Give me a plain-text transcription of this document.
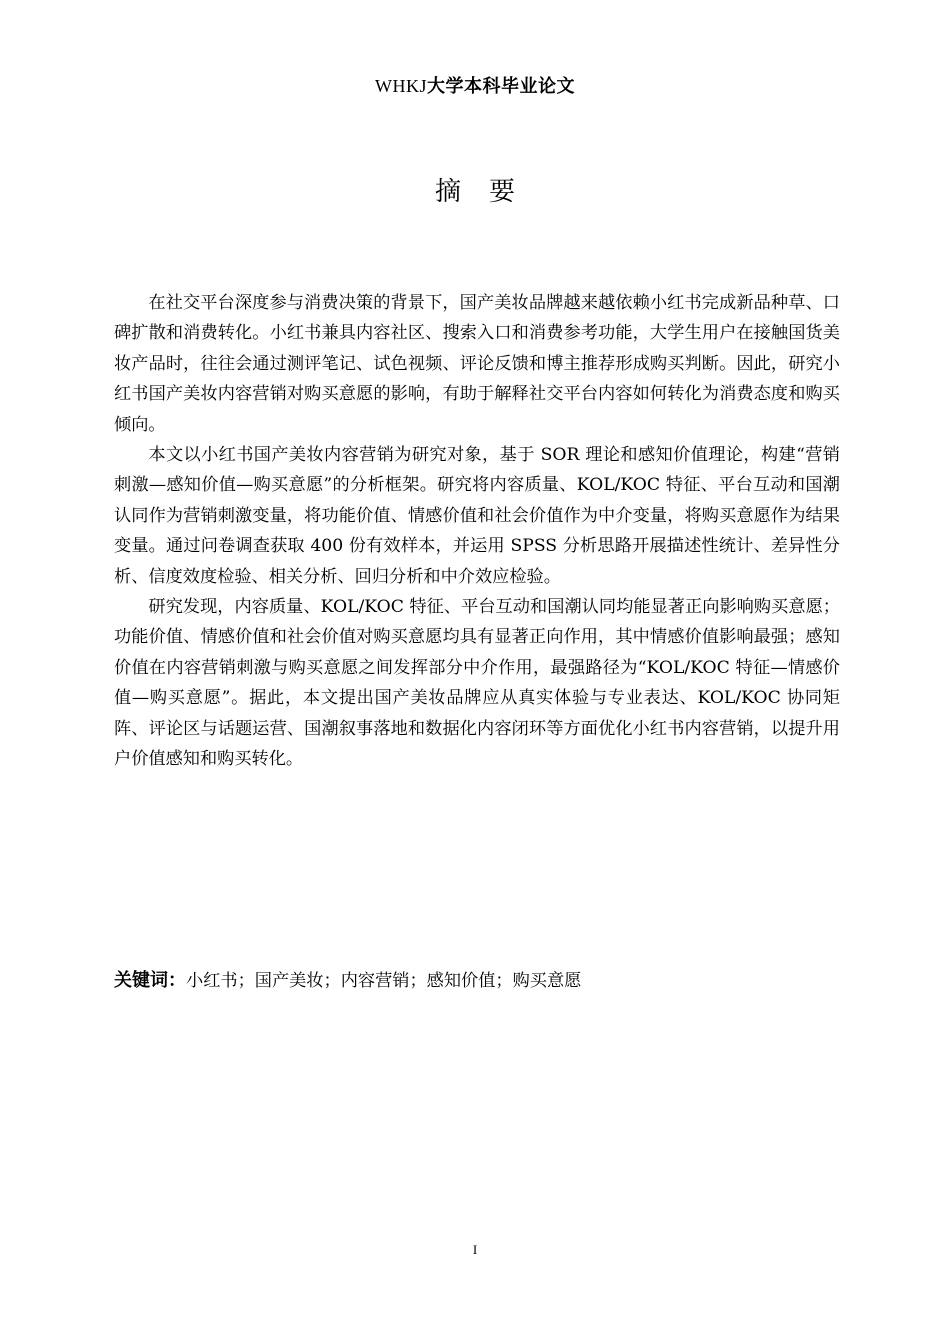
WHKJ大学本科毕业论文
摘要

在社交平台深度参与消费决策的背景下，国产美妆品牌越来越依赖小红书完成新品种草、口碑扩散和消费转化。小红书兼具内容社区、搜索入口和消费参考功能，大学生用户在接触国货美妆产品时，往往会通过测评笔记、试色视频、评论反馈和博主推荐形成购买判断。因此，研究小红书国产美妆内容营销对购买意愿的影响，有助于解释社交平台内容如何转化为消费态度和购买倾向。

本文以小红书国产美妆内容营销为研究对象，基于 SOR 理论和感知价值理论，构建“营销刺激—感知价值—购买意愿”的分析框架。研究将内容质量、KOL/KOC 特征、平台互动和国潮认同作为营销刺激变量，将功能价值、情感价值和社会价值作为中介变量，将购买意愿作为结果变量。通过问卷调查获取 400 份有效样本，并运用 SPSS 分析思路开展描述性统计、差异性分析、信度效度检验、相关分析、回归分析和中介效应检验。

研究发现，内容质量、KOL/KOC 特征、平台互动和国潮认同均能显著正向影响购买意愿；功能价值、情感价值和社会价值对购买意愿均具有显著正向作用，其中情感价值影响最强；感知价值在内容营销刺激与购买意愿之间发挥部分中介作用，最强路径为“KOL/KOC 特征—情感价值—购买意愿”。据此，本文提出国产美妆品牌应从真实体验与专业表达、KOL/KOC 协同矩阵、评论区与话题运营、国潮叙事落地和数据化内容闭环等方面优化小红书内容营销，以提升用户价值感知和购买转化。

关键词：小红书；国产美妆；内容营销；感知价值；购买意愿
I
